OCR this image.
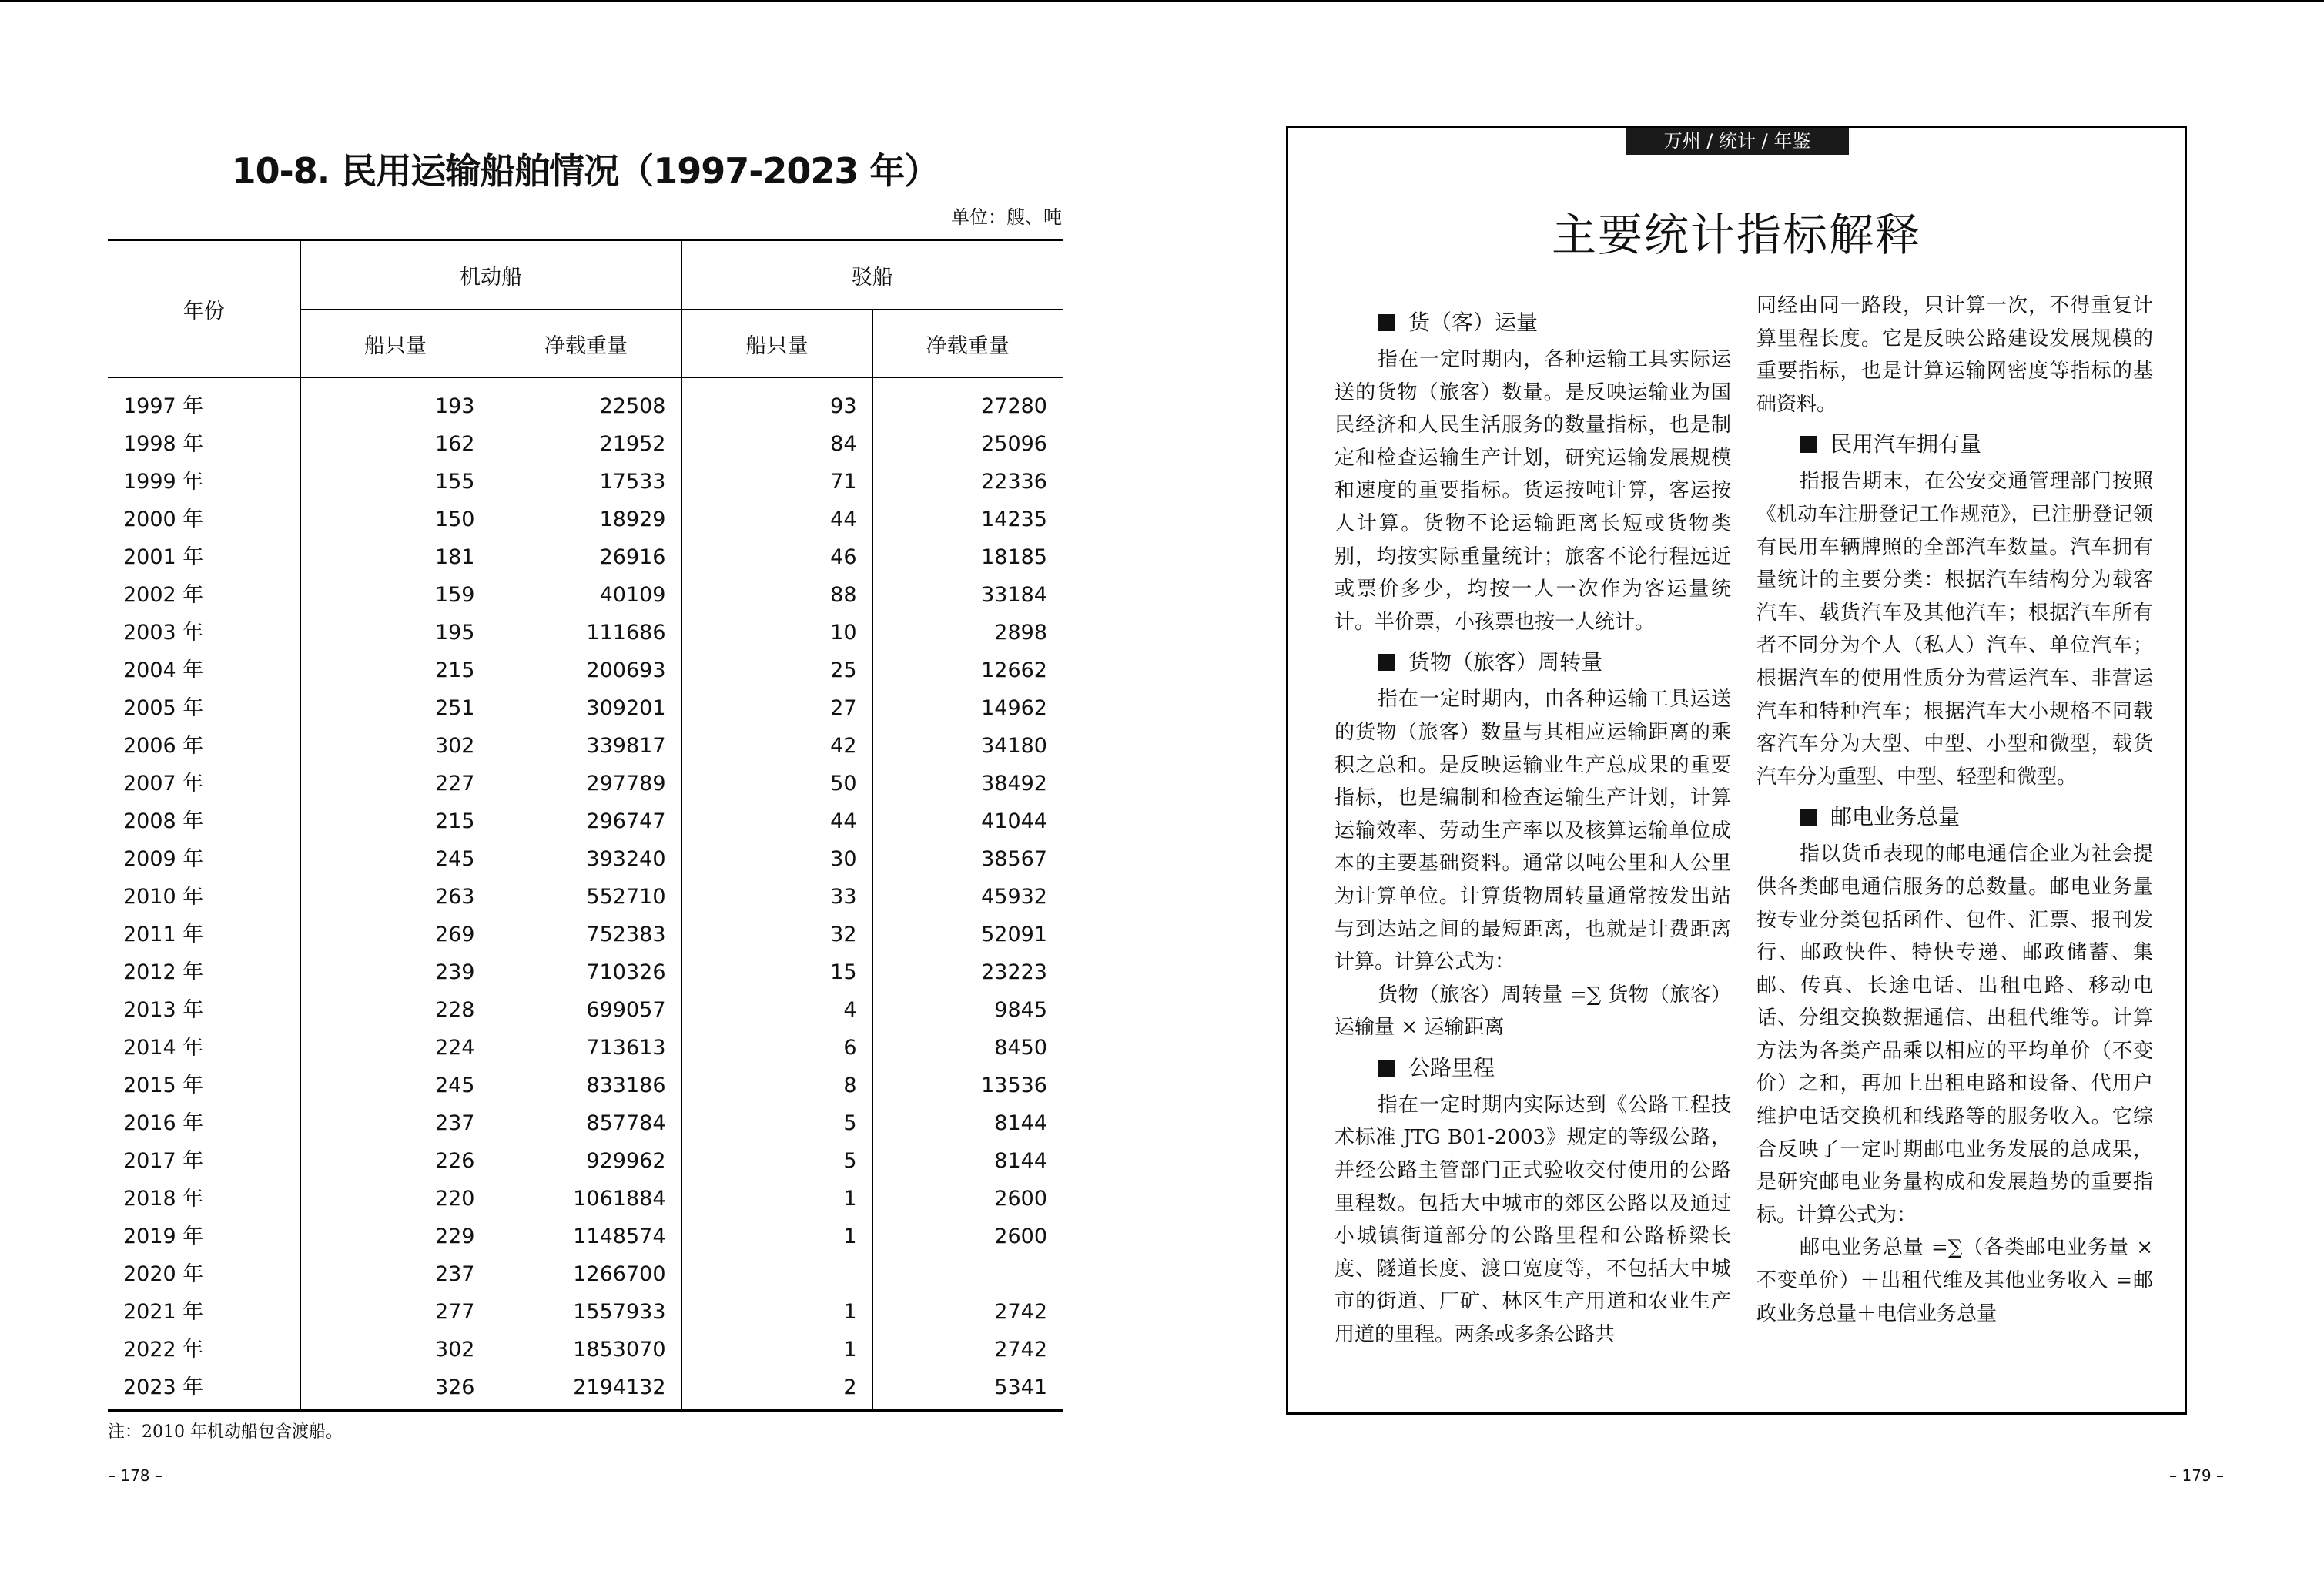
10-8. 民用运输船舶情况（1997-2023 年）
单位：艘、吨
年份	机动船		驳船	
	船只量	净载重量	船只量	净载重量
1997 年	193	22508	93	27280
1998 年	162	21952	84	25096
1999 年	155	17533	71	22336
2000 年	150	18929	44	14235
2001 年	181	26916	46	18185
2002 年	159	40109	88	33184
2003 年	195	111686	10	2898
2004 年	215	200693	25	12662
2005 年	251	309201	27	14962
2006 年	302	339817	42	34180
2007 年	227	297789	50	38492
2008 年	215	296747	44	41044
2009 年	245	393240	30	38567
2010 年	263	552710	33	45932
2011 年	269	752383	32	52091
2012 年	239	710326	15	23223
2013 年	228	699057	4	9845
2014 年	224	713613	6	8450
2015 年	245	833186	8	13536
2016 年	237	857784	5	8144
2017 年	226	929962	5	8144
2018 年	220	1061884	1	2600
2019 年	229	1148574	1	2600
2020 年	237	1266700		
2021 年	277	1557933	1	2742
2022 年	302	1853070	1	2742
2023 年	326	2194132	2	5341
注：2010 年机动船包含渡船。
– 178 –
万州 / 统计 / 年鉴
主要统计指标解释
货（客）运量

指在一定时期内，各种运输工具实际运送的货物（旅客）数量。是反映运输业为国民经济和人民生活服务的数量指标，也是制定和检查运输生产计划，研究运输发展规模和速度的重要指标。货运按吨计算，客运按人计算。货物不论运输距离长短或货物类别，均按实际重量统计；旅客不论行程远近或票价多少，均按一人一次作为客运量统计。半价票，小孩票也按一人统计。

货物（旅客）周转量

指在一定时期内，由各种运输工具运送的货物（旅客）数量与其相应运输距离的乘积之总和。是反映运输业生产总成果的重要指标，也是编制和检查运输生产计划，计算运输效率、劳动生产率以及核算运输单位成本的主要基础资料。通常以吨公里和人公里为计算单位。计算货物周转量通常按发出站与到达站之间的最短距离，也就是计费距离计算。计算公式为：

货物（旅客）周转量 =∑ 货物（旅客）运输量 × 运输距离

公路里程

指在一定时期内实际达到《公路工程技术标准 JTG B01-2003》规定的等级公路，并经公路主管部门正式验收交付使用的公路里程数。包括大中城市的郊区公路以及通过小城镇街道部分的公路里程和公路桥梁长度、隧道长度、渡口宽度等，不包括大中城市的街道、厂矿、林区生产用道和农业生产用道的里程。两条或多条公路共

同经由同一路段，只计算一次，不得重复计算里程长度。它是反映公路建设发展规模的重要指标，也是计算运输网密度等指标的基础资料。

民用汽车拥有量

指报告期末，在公安交通管理部门按照《机动车注册登记工作规范》，已注册登记领有民用车辆牌照的全部汽车数量。汽车拥有量统计的主要分类：根据汽车结构分为载客汽车、载货汽车及其他汽车；根据汽车所有者不同分为个人（私人）汽车、单位汽车；根据汽车的使用性质分为营运汽车、非营运汽车和特种汽车；根据汽车大小规格不同载客汽车分为大型、中型、小型和微型，载货汽车分为重型、中型、轻型和微型。

邮电业务总量

指以货币表现的邮电通信企业为社会提供各类邮电通信服务的总数量。邮电业务量按专业分类包括函件、包件、汇票、报刊发行、邮政快件、特快专递、邮政储蓄、集邮、传真、长途电话、出租电路、移动电话、分组交换数据通信、出租代维等。计算方法为各类产品乘以相应的平均单价（不变价）之和，再加上出租电路和设备、代用户维护电话交换机和线路等的服务收入。它综合反映了一定时期邮电业务发展的总成果，是研究邮电业务量构成和发展趋势的重要指标。计算公式为：

邮电业务总量 =∑（各类邮电业务量 × 不变单价）＋出租代维及其他业务收入 =邮政业务总量＋电信业务总量

– 179 –
